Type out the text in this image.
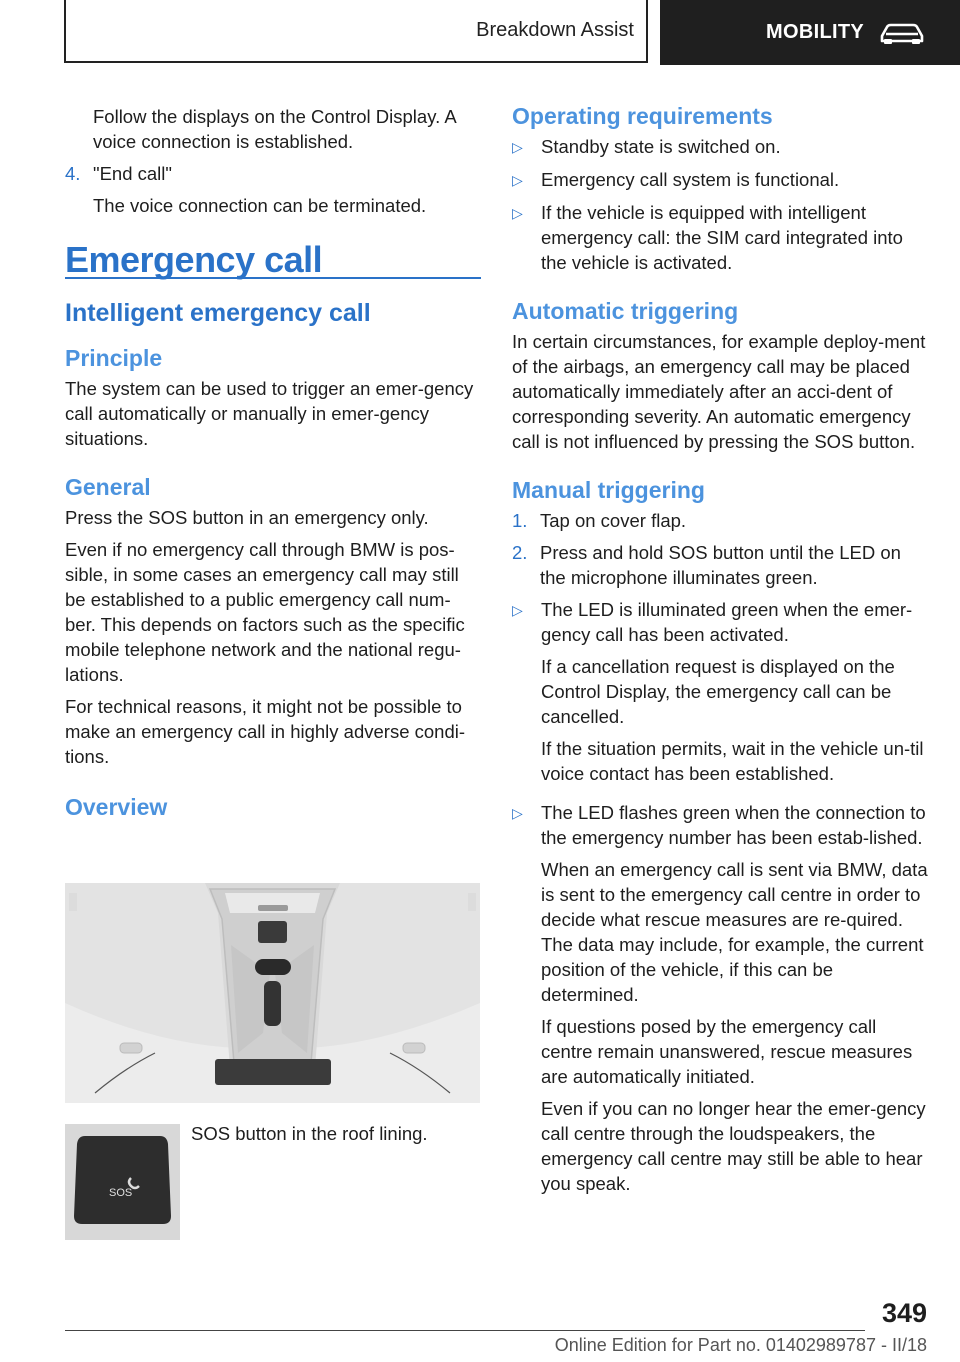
Breakdown Assist	MOBILITY

Follow the displays on the Control Display. A voice connection is established.

4. "End call"

The voice connection can be terminated.

Emergency call
Intelligent emergency call
Principle

The system can be used to trigger an emer-gency call automatically or manually in emer-gency situations.

General

Press the SOS button in an emergency only.

Even if no emergency call through BMW is pos-sible, in some cases an emergency call may still be established to a public emergency call num-ber. This depends on factors such as the specific mobile telephone network and the national regu-lations.

For technical reasons, it might not be possible to make an emergency call in highly adverse condi-tions.

Overview
SOS
SOS button in the roof lining.
Operating requirements
▷ Standby state is switched on.
▷ Emergency call system is functional.
▷ If the vehicle is equipped with intelligent emergency call: the SIM card integrated into the vehicle is activated.
Automatic triggering

In certain circumstances, for example deploy-ment of the airbags, an emergency call may be placed automatically immediately after an acci-dent of corresponding severity. An automatic emergency call is not influenced by pressing the SOS button.

Manual triggering
1. Tap on cover flap.
2. Press and hold SOS button until the LED on the microphone illuminates green.
▷ The LED is illuminated green when the emer-gency call has been activated.

If a cancellation request is displayed on the Control Display, the emergency call can be cancelled.

If the situation permits, wait in the vehicle un-til voice contact has been established.

▷ The LED flashes green when the connection to the emergency number has been estab-lished.

When an emergency call is sent via BMW, data is sent to the emergency call centre in order to decide what rescue measures are re-quired. The data may include, for example, the current position of the vehicle, if this can be determined.

If questions posed by the emergency call centre remain unanswered, rescue measures are automatically initiated.

Even if you can no longer hear the emer-gency call centre through the loudspeakers, the emergency call centre may still be able to hear you speak.

349
Online Edition for Part no. 01402989787 - II/18
